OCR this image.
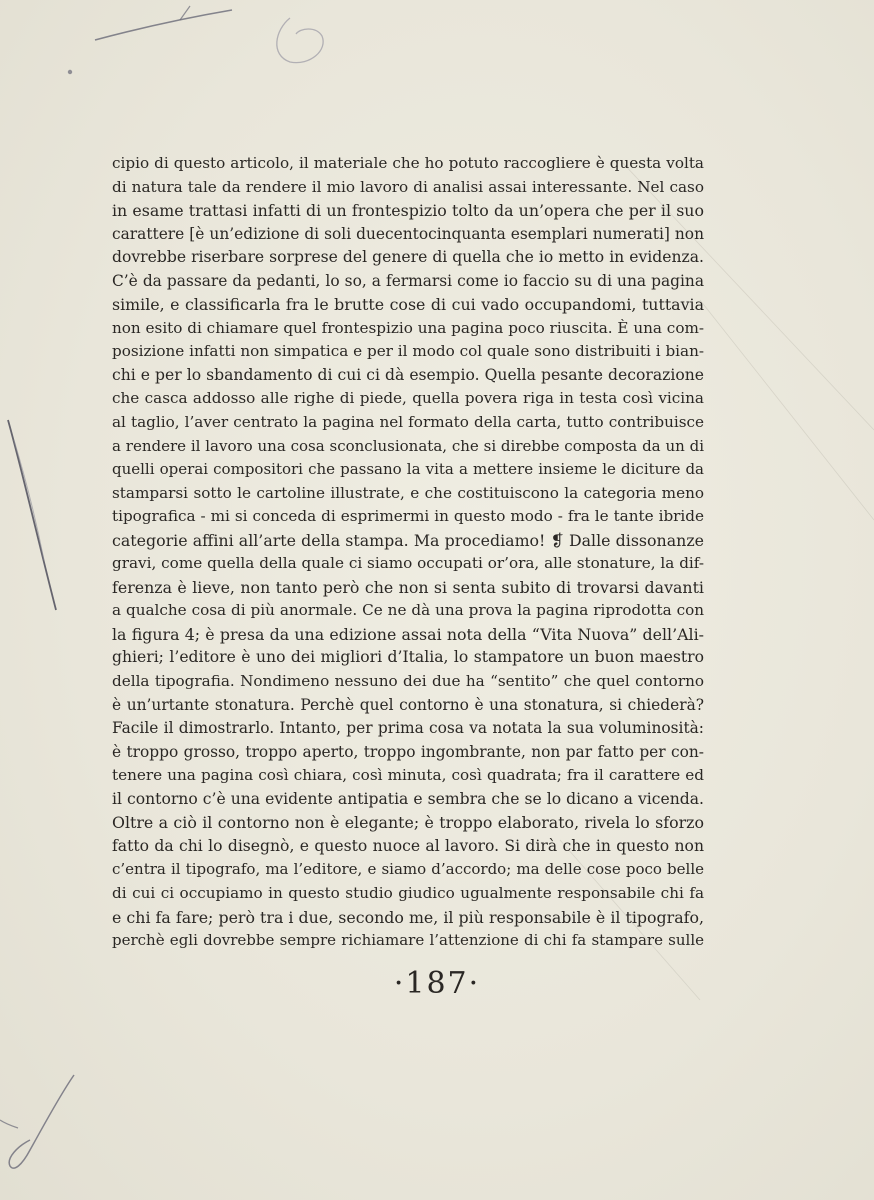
cipio di questo articolo, il materiale che ho potuto raccogliere è questa volta
di natura tale da rendere il mio lavoro di analisi assai interessante. Nel caso
in esame trattasi infatti di un frontespizio tolto da un’opera che per il suo
carattere [è un’edizione di soli duecentocinquanta esemplari numerati] non
dovrebbe riserbare sorprese del genere di quella che io metto in evidenza.
C’è da passare da pedanti, lo so, a fermarsi come io faccio su di una pagina
simile, e classificarla fra le brutte cose di cui vado occupandomi, tuttavia
non esito di chiamare quel frontespizio una pagina poco riuscita. È una com-
posizione infatti non simpatica e per il modo col quale sono distribuiti i bian-
chi e per lo sbandamento di cui ci dà esempio. Quella pesante decorazione
che casca addosso alle righe di piede, quella povera riga in testa così vicina
al taglio, l’aver centrato la pagina nel formato della carta, tutto contribuisce
a rendere il lavoro una cosa sconclusionata, che si direbbe composta da un di
quelli operai compositori che passano la vita a mettere insieme le diciture da
stamparsi sotto le cartoline illustrate, e che costituiscono la categoria meno
tipografica - mi si conceda di esprimermi in questo modo - fra le tante ibride
categorie affini all’arte della stampa. Ma procediamo! ❡ Dalle dissonanze
gravi, come quella della quale ci siamo occupati or’ora, alle stonature, la dif-
ferenza è lieve, non tanto però che non si senta subito di trovarsi davanti
a qualche cosa di più anormale. Ce ne dà una prova la pagina riprodotta con
la figura 4; è presa da una edizione assai nota della “Vita Nuova” dell’Ali-
ghieri; l’editore è uno dei migliori d’Italia, lo stampatore un buon maestro
della tipografia. Nondimeno nessuno dei due ha “sentito” che quel contorno
è un’urtante stonatura. Perchè quel contorno è una stonatura, si chiederà?
Facile il dimostrarlo. Intanto, per prima cosa va notata la sua voluminosità:
è troppo grosso, troppo aperto, troppo ingombrante, non par fatto per con-
tenere una pagina così chiara, così minuta, così quadrata; fra il carattere ed
il contorno c’è una evidente antipatia e sembra che se lo dicano a vicenda.
Oltre a ciò il contorno non è elegante; è troppo elaborato, rivela lo sforzo
fatto da chi lo disegnò, e questo nuoce al lavoro. Si dirà che in questo non
c’entra il tipografo, ma l’editore, e siamo d’accordo; ma delle cose poco belle
di cui ci occupiamo in questo studio giudico ugualmente responsabile chi fa
e chi fa fare; però tra i due, secondo me, il più responsabile è il tipografo,
perchè egli dovrebbe sempre richiamare l’attenzione di chi fa stampare sulle
·187·
